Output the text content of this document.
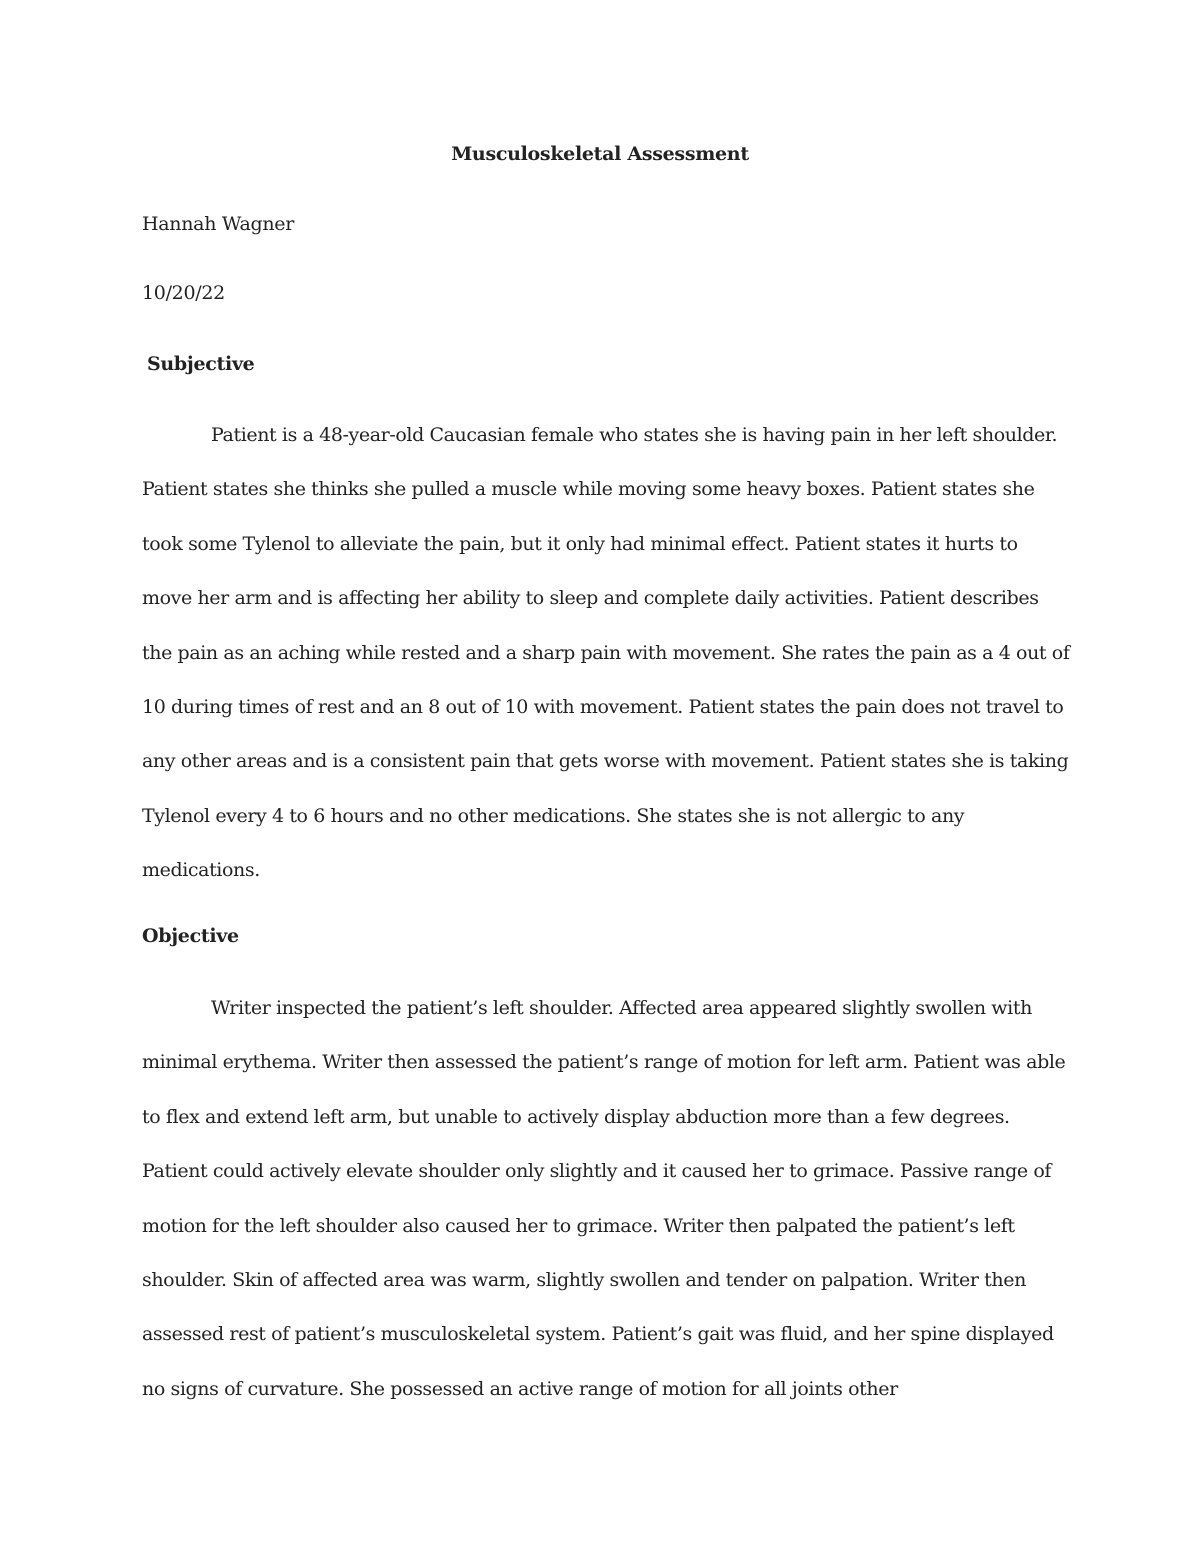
Musculoskeletal Assessment
Hannah Wagner
10/20/22
Subjective

Patient is a 48-year-old Caucasian female who states she is having pain in her left shoulder. Patient states she thinks she pulled a muscle while moving some heavy boxes. Patient states she took some Tylenol to alleviate the pain, but it only had minimal effect. Patient states it hurts to move her arm and is affecting her ability to sleep and complete daily activities. Patient describes the pain as an aching while rested and a sharp pain with movement. She rates the pain as a 4 out of 10 during times of rest and an 8 out of 10 with movement. Patient states the pain does not travel to any other areas and is a consistent pain that gets worse with movement. Patient states she is taking Tylenol every 4 to 6 hours and no other medications. She states she is not allergic to any medications.

Objective

Writer inspected the patient’s left shoulder. Affected area appeared slightly swollen with minimal erythema. Writer then assessed the patient’s range of motion for left arm. Patient was able to flex and extend left arm, but unable to actively display abduction more than a few degrees. Patient could actively elevate shoulder only slightly and it caused her to grimace. Passive range of motion for the left shoulder also caused her to grimace. Writer then palpated the patient’s left shoulder. Skin of affected area was warm, slightly swollen and tender on palpation. Writer then assessed rest of patient’s musculoskeletal system. Patient’s gait was fluid, and her spine displayed no signs of curvature. She possessed an active range of motion for all joints other
